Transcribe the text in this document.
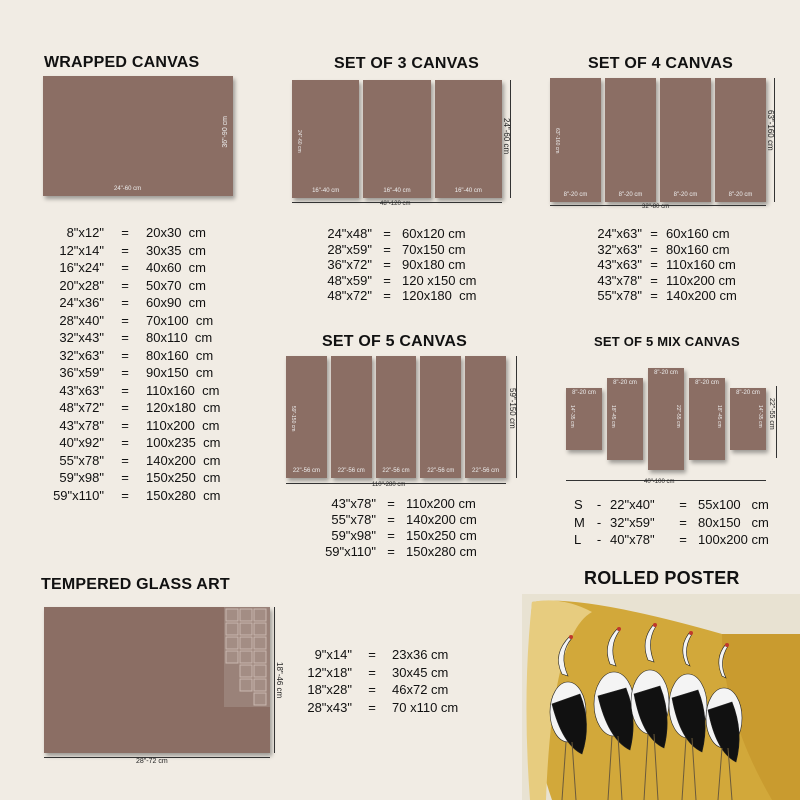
WRAPPED CANVAS
24"-60 cm
36"-90 cm
8"x12"	=	20x30  cm
12"x14"	=	30x35  cm
16"x24"	=	40x60  cm
20"x28"	=	50x70  cm
24"x36"	=	60x90  cm
28"x40"	=	70x100  cm
32"x43"	=	80x110  cm
32"x63"	=	80x160  cm
36"x59"	=	90x150  cm
43"x63"	=	110x160  cm
48"x72"	=	120x180  cm
43"x78"	=	110x200  cm
40"x92"	=	100x235  cm
55"x78"	=	140x200  cm
59"x98"	=	150x250  cm
59"x110"	=	150x280  cm
SET OF 3 CANVAS
16"-40 cm
24"-60 cm
16"-40 cm	16"-40 cm
48"-120 cm
24"-60 cm
24"x48" = 60x120 cm
28"x59" = 70x150 cm
36"x72" = 90x180 cm
48"x59" = 120 x150 cm
48"x72" = 120x180  cm
SET OF 4 CANVAS
8"-20 cm
63"-160 cm
8"-20 cm	8"-20 cm	8"-20 cm
32"-80 cm
63"-160 cm
24"x63" = 60x160 cm
32"x63" = 80x160 cm
43"x63" = 110x160 cm
43"x78" = 110x200 cm
55"x78" = 140x200 cm
SET OF 5 CANVAS
22"-56 cm
59"-150 cm
22"-56 cm	22"-56 cm	22"-56 cm	22"-56 cm
110"-280 cm
59"-150 cm
43"x78" = 110x200 cm
55"x78" = 140x200 cm
59"x98" = 150x250 cm
59"x110" = 150x280 cm
SET OF 5 MIX CANVAS
8"-20 cm
14"-35 cm
8"-20 cm
18"-45 cm
8"-20 cm
22"-55 cm
8"-20 cm
18"-45 cm
8"-20 cm
14"-35 cm
40"-100 cm
22"-55 cm
S	- 22"x40"	= 55x100   cm
M - 32"x59"	= 80x150   cm
L	- 40"x78"	= 100x200 cm
TEMPERED GLASS ART
28"-72 cm
18"-46 cm
9"x14"	=	23x36 cm
12"x18"	=	30x45 cm
18"x28"	=	46x72 cm
28"x43"	=	70 x110 cm
ROLLED POSTER
